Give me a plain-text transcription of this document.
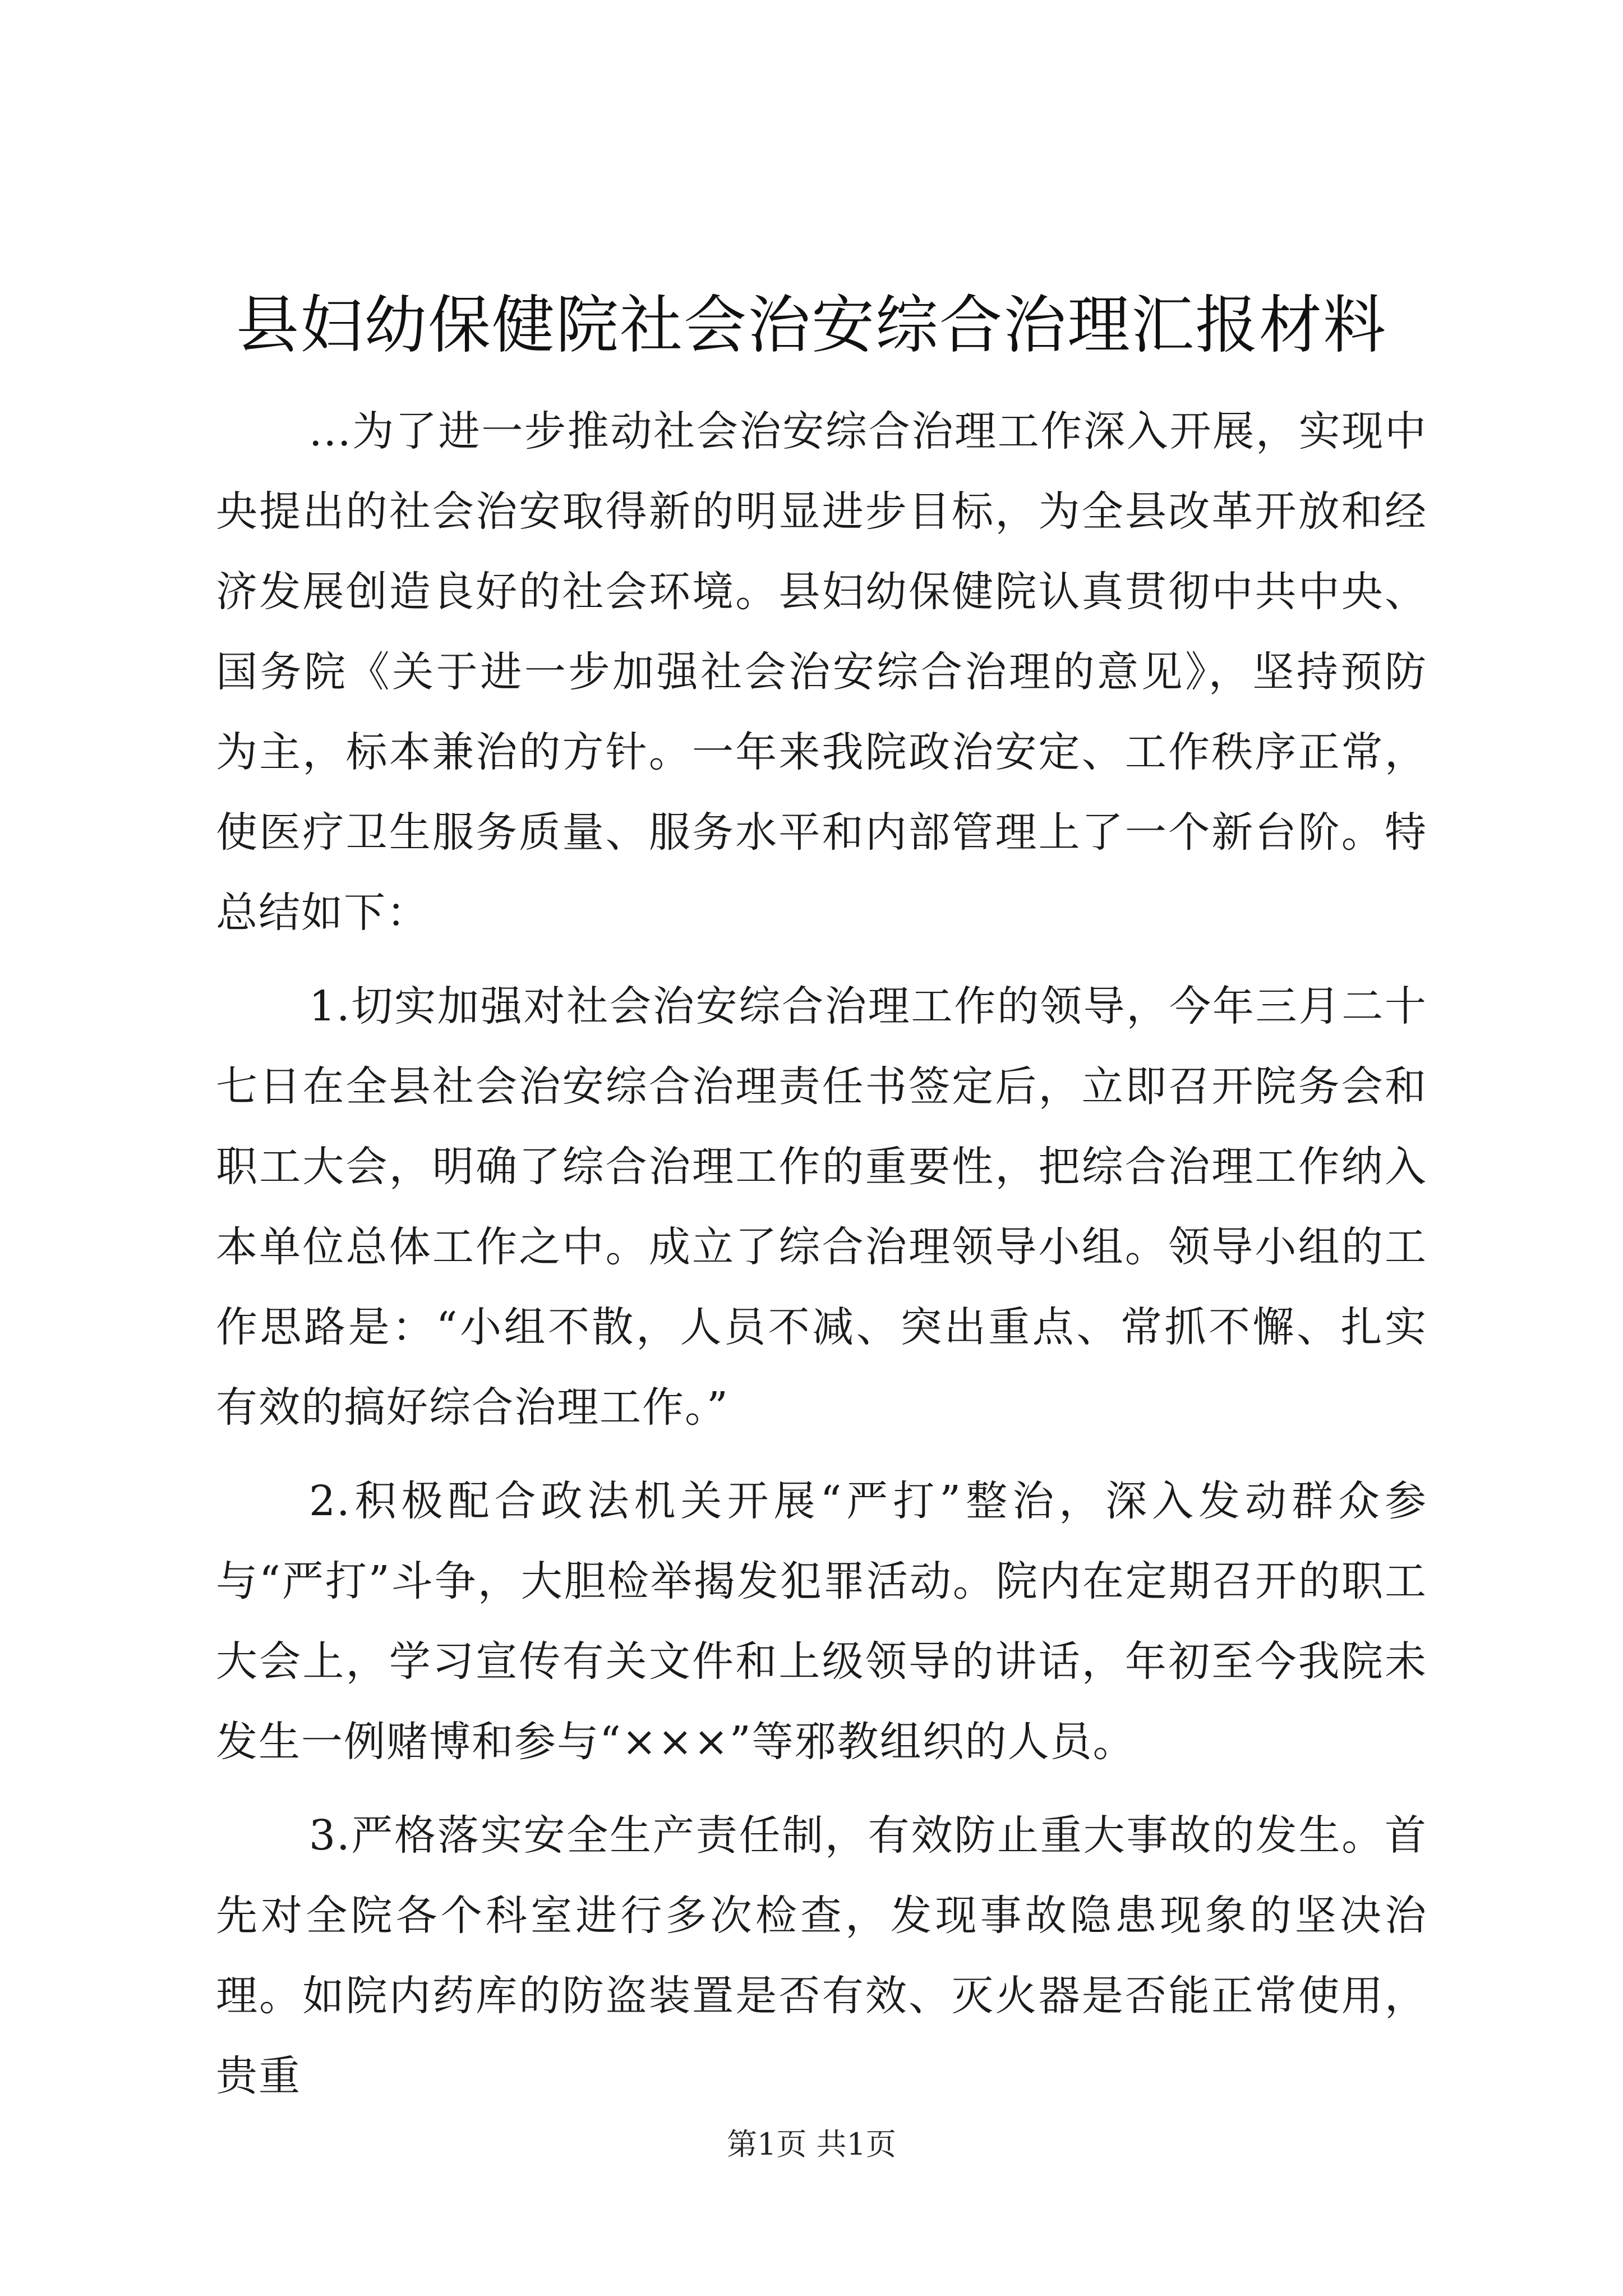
县妇幼保健院社会治安综合治理汇报材料

...为了进一步推动社会治安综合治理工作深入开展，实现中央提出的社会治安取得新的明显进步目标，为全县改革开放和经济发展创造良好的社会环境。县妇幼保健院认真贯彻中共中央、国务院《关于进一步加强社会治安综合治理的意见》，坚持预防为主，标本兼治的方针。一年来我院政治安定、工作秩序正常，使医疗卫生服务质量、服务水平和内部管理上了一个新台阶。特总结如下：

1.切实加强对社会治安综合治理工作的领导，今年三月二十七日在全县社会治安综合治理责任书签定后，立即召开院务会和职工大会，明确了综合治理工作的重要性，把综合治理工作纳入本单位总体工作之中。成立了综合治理领导小组。领导小组的工作思路是：“小组不散，人员不减、突出重点、常抓不懈、扎实有效的搞好综合治理工作。”

2.积极配合政法机关开展“严打”整治，深入发动群众参与“严打”斗争，大胆检举揭发犯罪活动。院内在定期召开的职工大会上，学习宣传有关文件和上级领导的讲话，年初至今我院未发生一例赌博和参与“×××”等邪教组织的人员。

3.严格落实安全生产责任制，有效防止重大事故的发生。首先对全院各个科室进行多次检查，发现事故隐患现象的坚决治理。如院内药库的防盗装置是否有效、灭火器是否能正常使用，贵重

第1页 共1页
